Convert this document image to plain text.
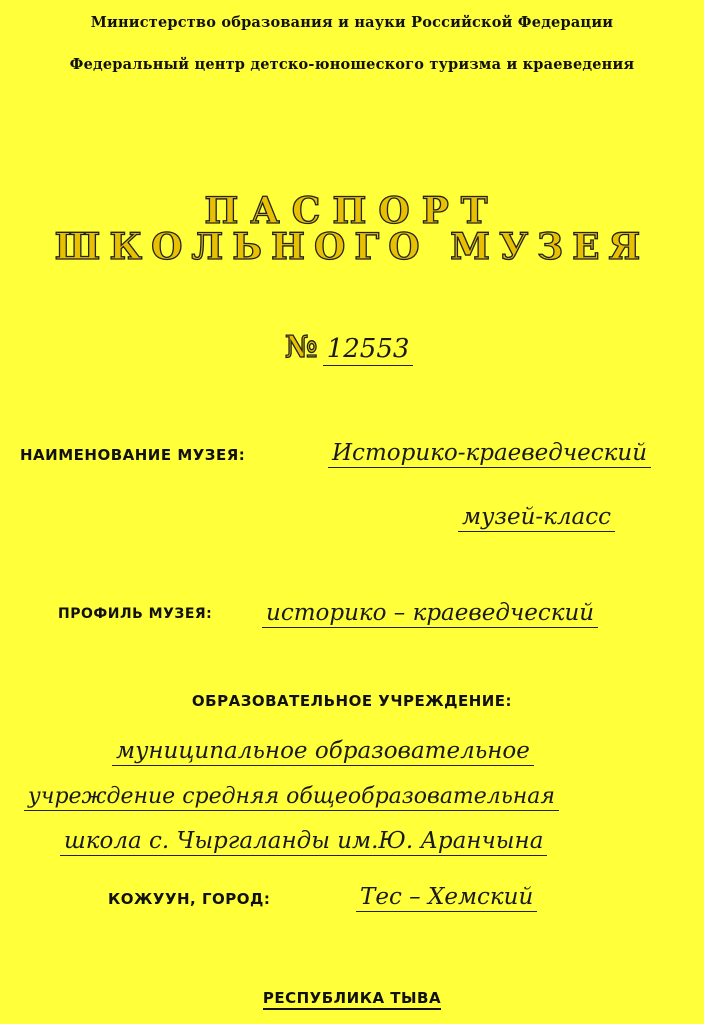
Министерство образования и науки Российской Федерации
Федеральный центр детско-юношеского туризма и краеведения
ПАСПОРТ
ШКОЛЬНОГО МУЗЕЯ
№ 12553
НАИМЕНОВАНИЕ МУЗЕЯ:	Историко-краеведческий
музей-класс
ПРОФИЛЬ МУЗЕЯ: историко – краеведческий
ОБРАЗОВАТЕЛЬНОЕ УЧРЕЖДЕНИЕ:
муниципальное образовательное
учреждение средняя общеобразовательная
школа с. Чыргаланды им.Ю. Аранчына
КОЖУУН, ГОРОД:	Тес – Хемский
РЕСПУБЛИКА ТЫВА
